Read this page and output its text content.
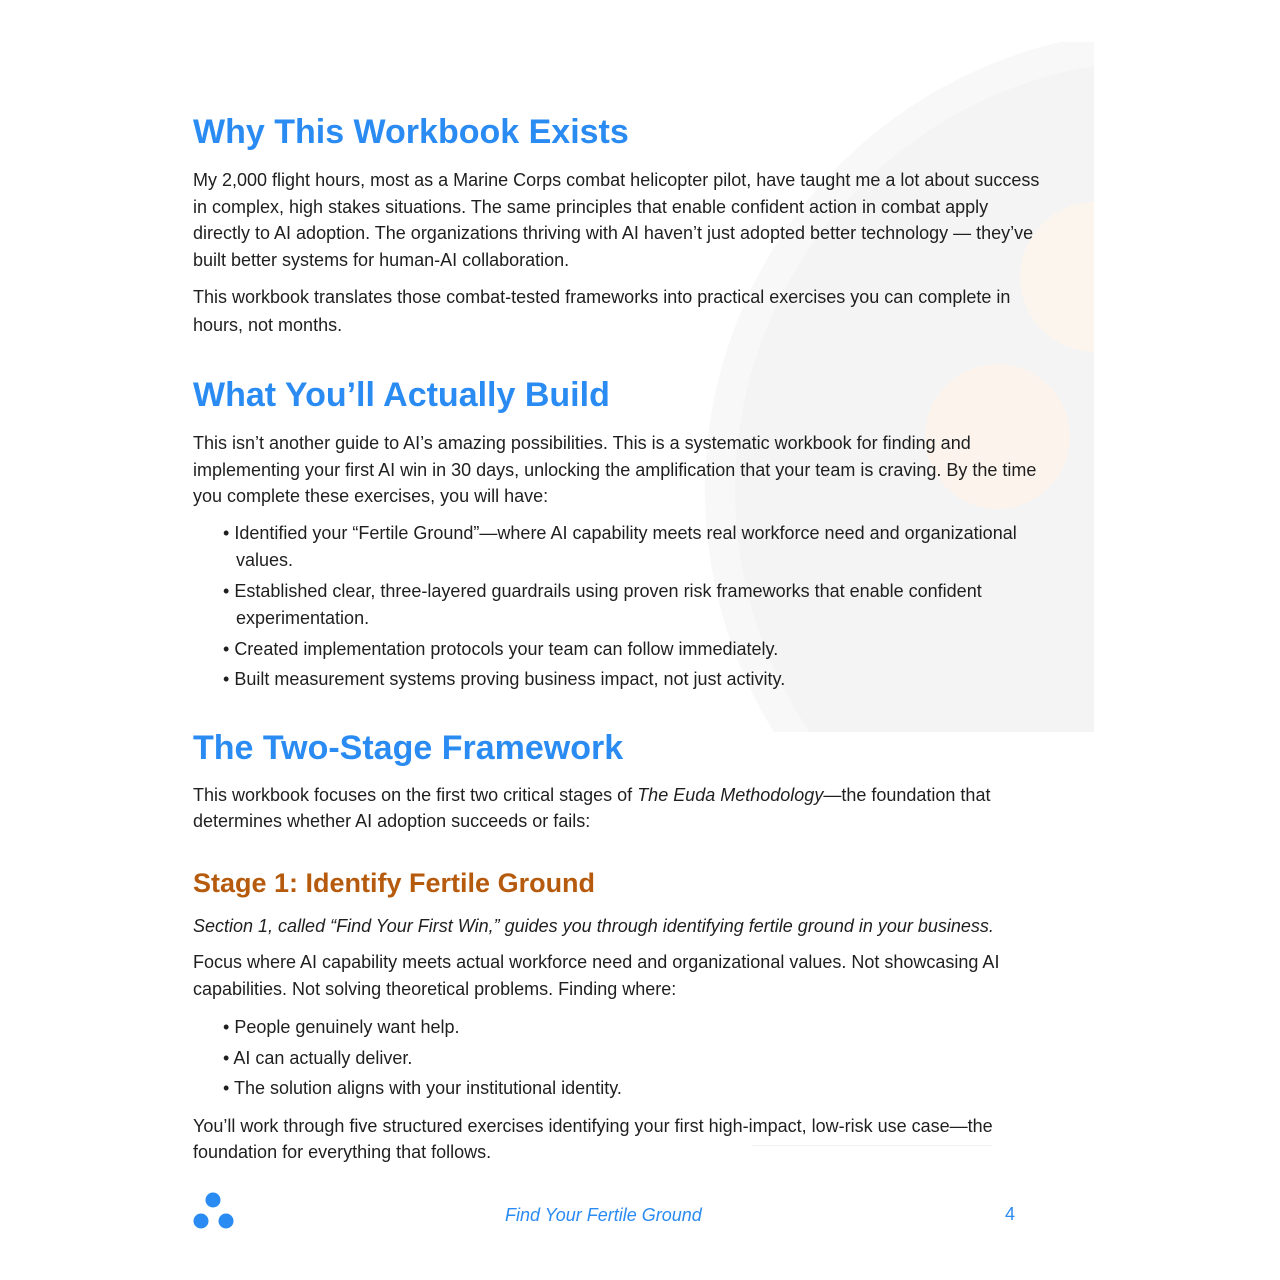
Why This Workbook Exists

My 2,000 flight hours, most as a Marine Corps combat helicopter pilot, have taught me a lot about success in complex, high stakes situations. The same principles that enable confident action in combat apply directly to AI adoption. The organizations thriving with AI haven’t just adopted better technology — they’ve built better systems for human-AI collaboration.

This workbook translates those combat-tested frameworks into practical exercises you can complete in hours, not months.

What You’ll Actually Build

This isn’t another guide to AI’s amazing possibilities. This is a systematic workbook for finding and implementing your first AI win in 30 days, unlocking the amplification that your team is craving. By the time you complete these exercises, you will have:

• Identified your “Fertile Ground”—where AI capability meets real workforce need and organizational values.
• Established clear, three-layered guardrails using proven risk frameworks that enable confident experimentation.
• Created implementation protocols your team can follow immediately.
• Built measurement systems proving business impact, not just activity.
The Two-Stage Framework

This workbook focuses on the first two critical stages of The Euda Methodology—the foundation that determines whether AI adoption succeeds or fails:

Stage 1: Identify Fertile Ground

Section 1, called “Find Your First Win,” guides you through identifying fertile ground in your business.

Focus where AI capability meets actual workforce need and organizational values. Not showcasing AI capabilities. Not solving theoretical problems. Finding where:

• People genuinely want help.
• AI can actually deliver.
• The solution aligns with your institutional identity.

You’ll work through five structured exercises identifying your first high-impact, low-risk use case—the foundation for everything that follows.

Find Your Fertile Ground	4
